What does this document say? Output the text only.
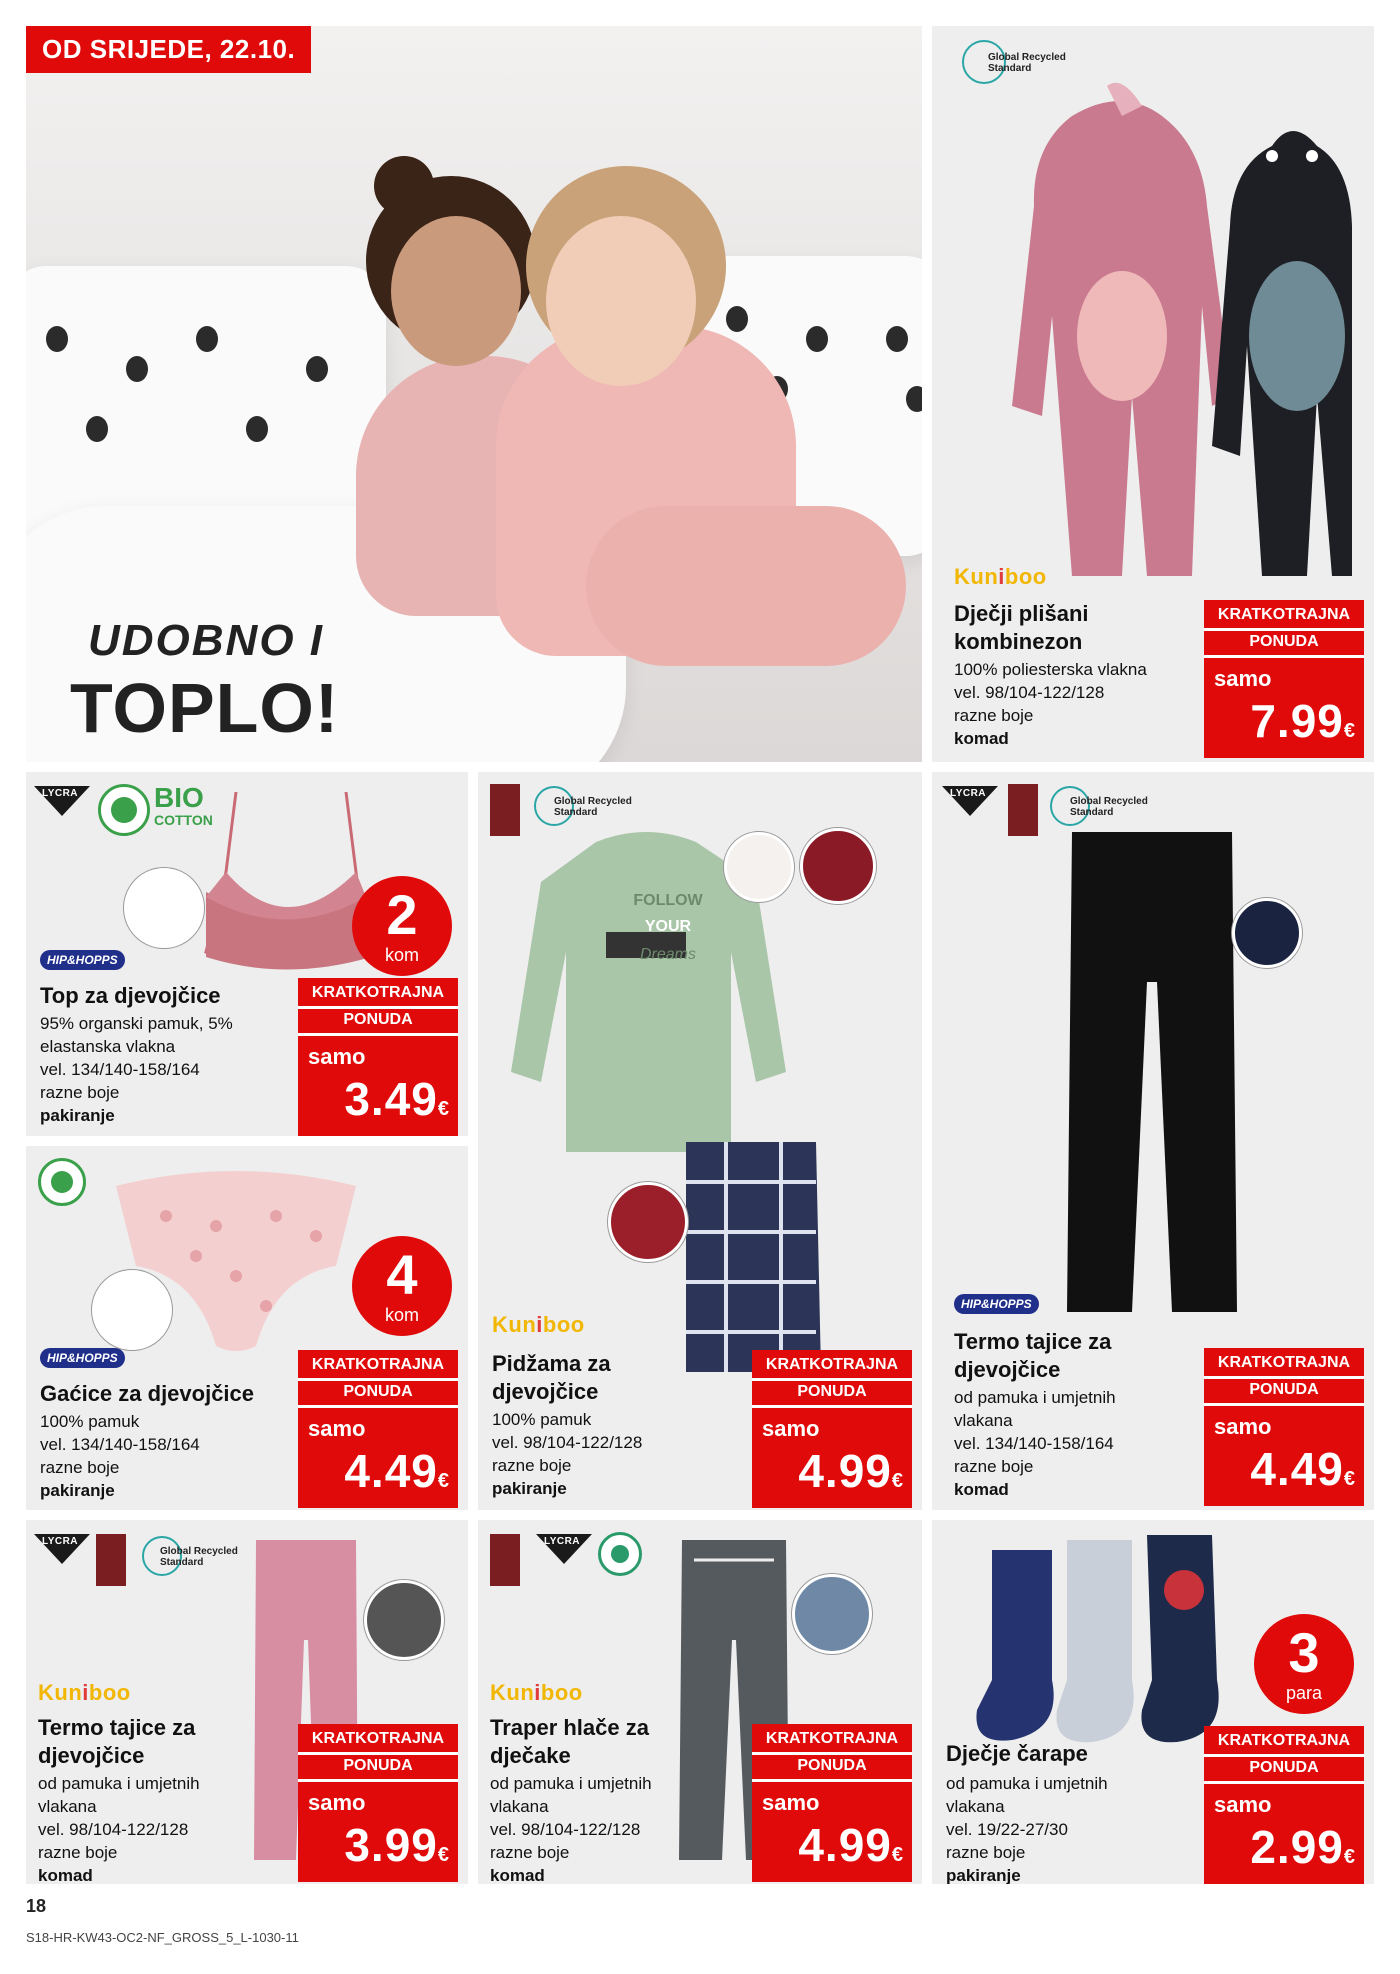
OD SRIJEDE, 22.10.
UDOBNO I
TOPLO!
Global Recycled Standard
Kuniboo
Dječji plišani kombinezon
100% poliesterska vlakna
vel. 98/104-122/128
razne boje
komad
KRATKOTRAJNA
PONUDA
samo
7.99€
LYCRA	BIO
COTTON
2
kom
HIP&HOPPS
Top za djevojčice
95% organski pamuk, 5%
elastanska vlakna
vel. 134/140-158/164
razne boje
pakiranje
KRATKOTRAJNA
PONUDA
samo
3.49€
4
kom
HIP&HOPPS
Gaćice za djevojčice
100% pamuk
vel. 134/140-158/164
razne boje
pakiranje
KRATKOTRAJNA
PONUDA
samo
4.49€
Global Recycled Standard
FOLLOW
YOUR
Dreams
Kuniboo
Pidžama za djevojčice
100% pamuk
vel. 98/104-122/128
razne boje
pakiranje
KRATKOTRAJNA
PONUDA
samo
4.99€
LYCRA
Global Recycled Standard
HIP&HOPPS
Termo tajice za djevojčice
od pamuka i umjetnih
vlakana
vel. 134/140-158/164
razne boje
komad
KRATKOTRAJNA
PONUDA
samo
4.49€
LYCRA
Global Recycled Standard
Kuniboo
Termo tajice za djevojčice
od pamuka i umjetnih
vlakana
vel. 98/104-122/128
razne boje
komad
KRATKOTRAJNA
PONUDA
samo
3.99€
LYCRA
Kuniboo
Traper hlače za dječake
od pamuka i umjetnih
vlakana
vel. 98/104-122/128
razne boje
komad
KRATKOTRAJNA
PONUDA
samo
4.99€
3
para
Dječje čarape
od pamuka i umjetnih
vlakana
vel. 19/22-27/30
razne boje
pakiranje
KRATKOTRAJNA
PONUDA
samo
2.99€
18
S18-HR-KW43-OC2-NF_GROSS_5_L-1030-11
